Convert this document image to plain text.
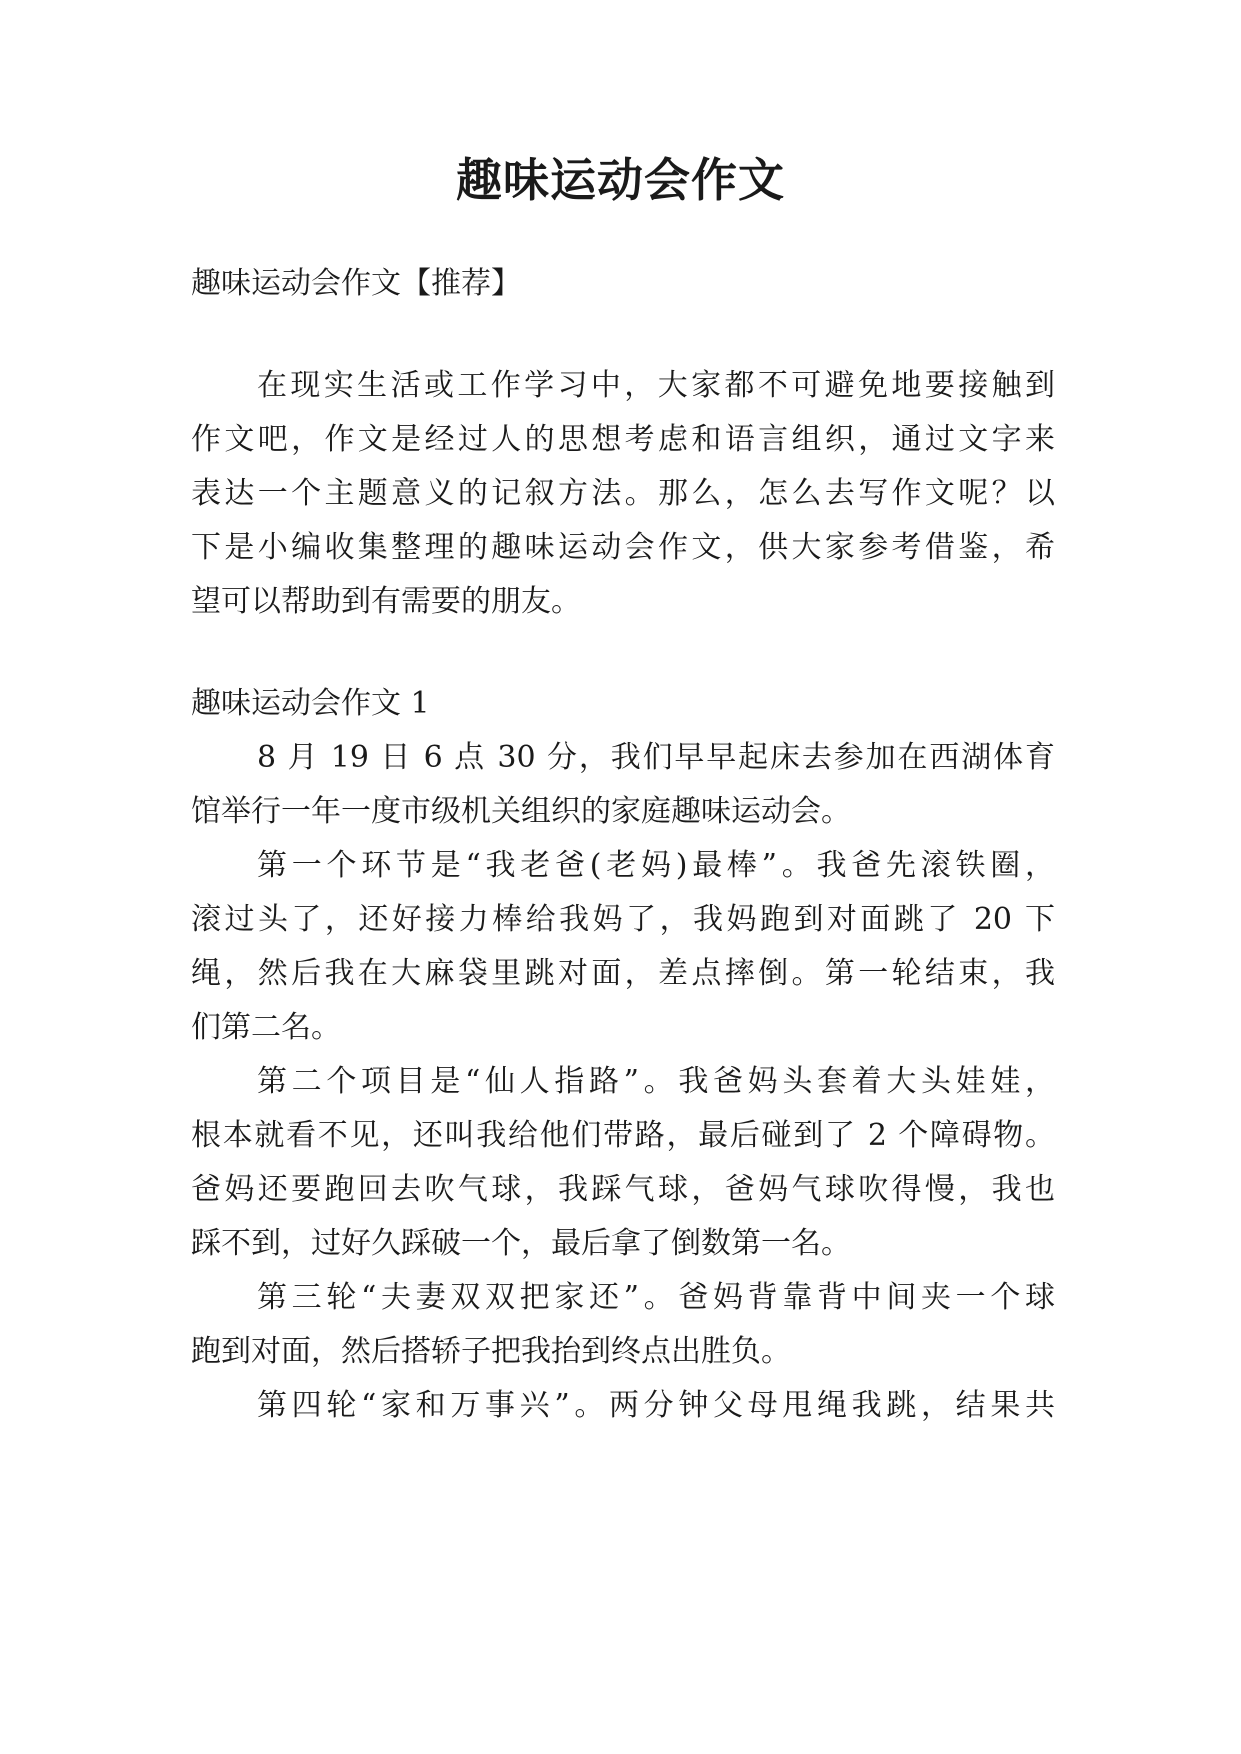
趣味运动会作文
趣味运动会作文【推荐】
在现实生活或工作学习中，大家都不可避免地要接触到
作文吧，作文是经过人的思想考虑和语言组织，通过文字来
表达一个主题意义的记叙方法。那么，怎么去写作文呢？以
下是小编收集整理的趣味运动会作文，供大家参考借鉴，希
望可以帮助到有需要的朋友。
趣味运动会作文 1
8 月 19 日 6 点 30 分，我们早早起床去参加在西湖体育
馆举行一年一度市级机关组织的家庭趣味运动会。
第一个环节是“我老爸(老妈)最棒”。我爸先滚铁圈，
滚过头了，还好接力棒给我妈了，我妈跑到对面跳了 20 下
绳，然后我在大麻袋里跳对面，差点摔倒。第一轮结束，我
们第二名。
第二个项目是“仙人指路”。我爸妈头套着大头娃娃，
根本就看不见，还叫我给他们带路，最后碰到了 2 个障碍物。
爸妈还要跑回去吹气球，我踩气球，爸妈气球吹得慢，我也
踩不到，过好久踩破一个，最后拿了倒数第一名。
第三轮“夫妻双双把家还”。爸妈背靠背中间夹一个球
跑到对面，然后搭轿子把我抬到终点出胜负。
第四轮“家和万事兴”。两分钟父母甩绳我跳，结果共
